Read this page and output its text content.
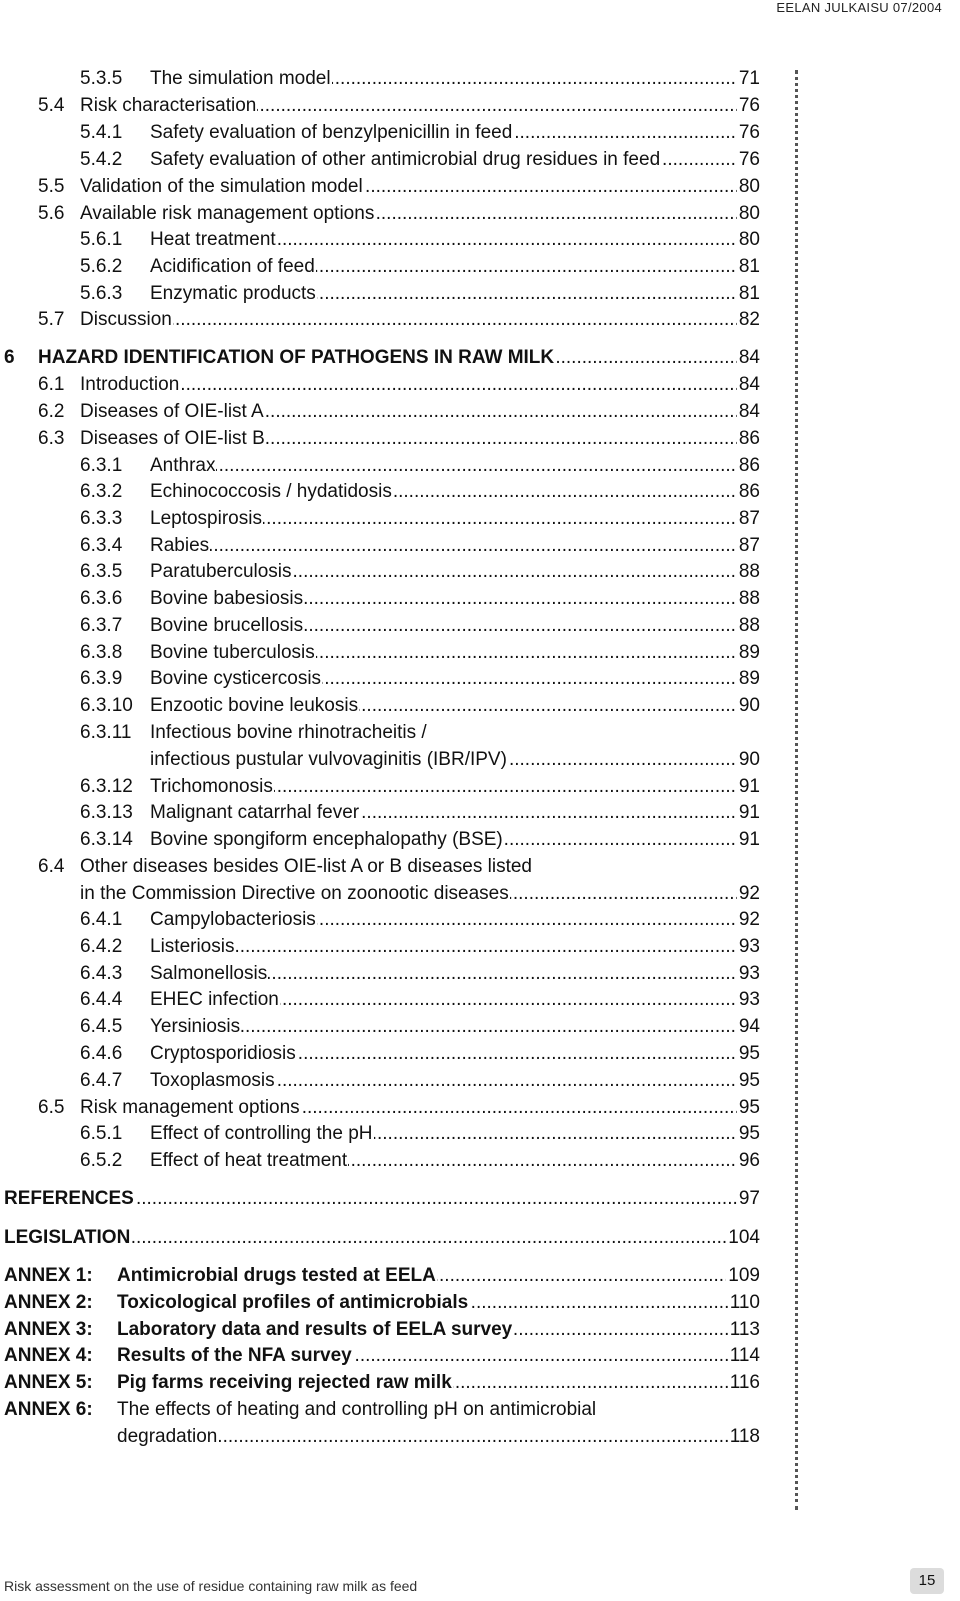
EELAN JULKAISU 07/2004
5.3.5 ..... The simulation model	71
5.4 ..... Risk characterisation	76
5.4.1 ..... Safety evaluation of benzylpenicillin in feed	76
5.4.2 ..... Safety evaluation of other antimicrobial drug residues in feed	76
5.5 ..... Validation of the simulation model	80
5.6 ..... Available risk management options	80
5.6.1 ..... Heat treatment	80
5.6.2 ..... Acidification of feed	81
5.6.3 ..... Enzymatic products	81
5.7 ..... Discussion	82
6 ..... HAZARD IDENTIFICATION OF PATHOGENS IN RAW MILK	84
6.1 ..... Introduction	84
6.2 ..... Diseases of OIE-list A	84
6.3 ..... Diseases of OIE-list B	86
6.3.1 ..... Anthrax	86
6.3.2 ..... Echinococcosis / hydatidosis	86
6.3.3 ..... Leptospirosis	87
6.3.4 ..... Rabies	87
6.3.5 ..... Paratuberculosis	88
6.3.6 ..... Bovine babesiosis	88
6.3.7 ..... Bovine brucellosis	88
6.3.8 ..... Bovine tuberculosis	89
6.3.9 ..... Bovine cysticercosis	89
6.3.10 ..... Enzootic bovine leukosis	90
6.3.11 Infectious bovine rhinotracheitis /
.....
infectious pustular vulvovaginitis (IBR/IPV)	90
6.3.12 ..... Trichomonosis	91
6.3.13 ..... Malignant catarrhal fever	91
6.3.14 ..... Bovine spongiform encephalopathy (BSE)	91
6.4 Other diseases besides OIE-list A or B diseases listed
.....
in the Commission Directive on zoonootic diseases	92
6.4.1 ..... Campylobacteriosis	92
6.4.2 ..... Listeriosis	93
6.4.3 ..... Salmonellosis	93
6.4.4 ..... EHEC infection	93
6.4.5 ..... Yersiniosis	94
6.4.6 ..... Cryptosporidiosis	95
6.4.7 ..... Toxoplasmosis	95
6.5 ..... Risk management options	95
6.5.1 ..... Effect of controlling the pH	95
6.5.2 ..... Effect of heat treatment	96
.....
REFERENCES	97
.....
LEGISLATION	104
ANNEX 1: ..... Antimicrobial drugs tested at EELA	109
ANNEX 2: ..... Toxicological profiles of antimicrobials	110
ANNEX 3: ..... Laboratory data and results of EELA survey	113
ANNEX 4: ..... Results of the NFA survey	114
ANNEX 5: ..... Pig farms receiving rejected raw milk	116
ANNEX 6: The effects of heating and controlling pH on antimicrobial
.....
degradation	118
Risk assessment on the use of residue containing raw milk as feed	15
